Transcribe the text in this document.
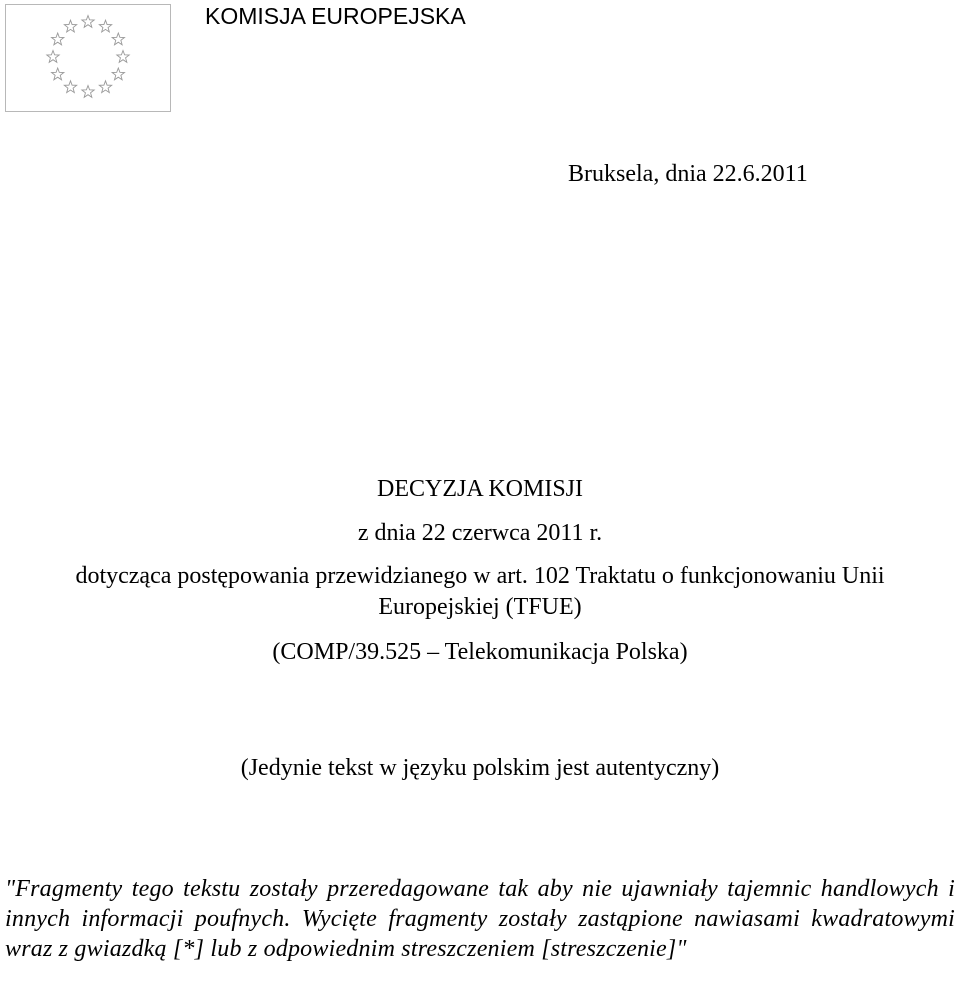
KOMISJA EUROPEJSKA
Bruksela, dnia 22.6.2011
DECYZJA KOMISJI
z dnia 22 czerwca 2011 r.
dotycząca postępowania przewidzianego w art. 102 Traktatu o funkcjonowaniu Unii
Europejskiej (TFUE)
(COMP/39.525 – Telekomunikacja Polska)
(Jedynie tekst w języku polskim jest autentyczny)
"Fragmenty tego tekstu zostały przeredagowane tak aby nie ujawniały tajemnic handlowych i innych informacji poufnych. Wycięte fragmenty zostały zastąpione nawiasami kwadratowymi wraz z gwiazdką [*] lub z odpowiednim streszczeniem [streszczenie]"
